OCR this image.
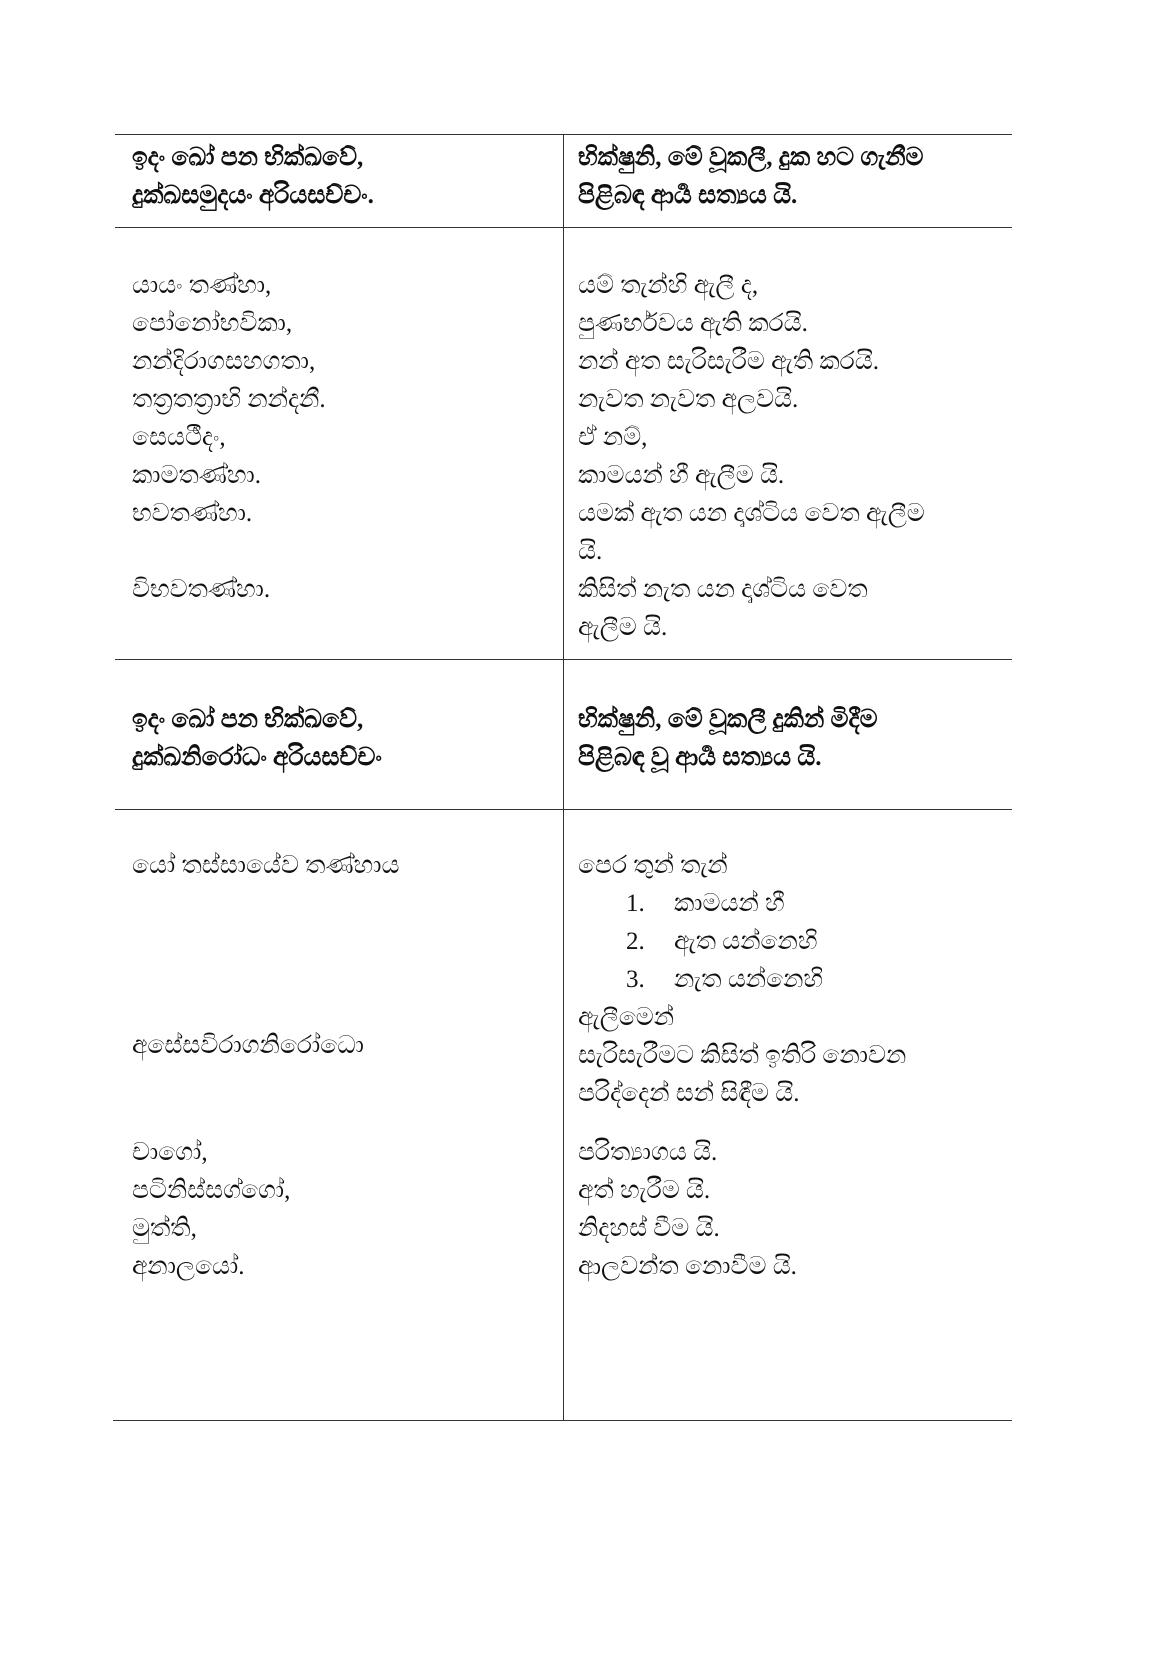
ඉදං ඛෝ පන භික්ඛවේ,
දුක්ඛසමුදයං අරියසච්චං.
භික්ෂුනි, මේ වූකලී, දුක හට ගැනීම
පිළිබඳ ආර්‍ය සත්‍යය යි.
යායං තණ්හා,
පෝනෝභවිකා,
නන්දිරාගසහගතා,
තත්‍රතත්‍රාභි නන්දනී.
සෙයථීදං,
කාමතණ්හා.
භවතණ්හා.
විභවතණ්හා.
යම් තැන්හි ඇලී ද,
පුණර්භවය ඇති කරයි.
නන් අත සැරිසැරීම ඇති කරයි.
නැවත නැවත අලවයි.
ඒ නම්,
කාමයන් හී ඇලීම යි.
යමක් ඇත යන දෘශ්ටිය වෙත ඇලීම
යි.
කිසිත් නැත යන දෘශ්ටිය වෙත
ඇලීම යි.
ඉදං ඛෝ පන භික්ඛවේ,
දුක්ඛනිරෝධං අරියසච්චං
භික්ෂුනි, මේ වූකලී දුකින් මිදීම
පිළිබඳ වූ ආර්‍ය සත්‍යය යි.
යෝ තස්සායේව තණ්හාය
අසේසවිරාගනිරෝධො
චාගෝ,
පටිනිස්සග්ගෝ,
මුත්ති,
අනාලයෝ.
පෙර තුන් තැන්
1. කාමයන් හී
2. ඇත යන්නෙහි
3. නැත යන්නෙහි
ඇලීමෙන්
සැරිසැරීමට කිසිත් ඉතිරි නොවන
පරිද්දෙන් සන් සිඳීම යි.
පරිත්‍යාගය යි.
අත් හැරීම යි.
නිදහස් වීම යි.
ආලවන්ත නොවීම යි.
